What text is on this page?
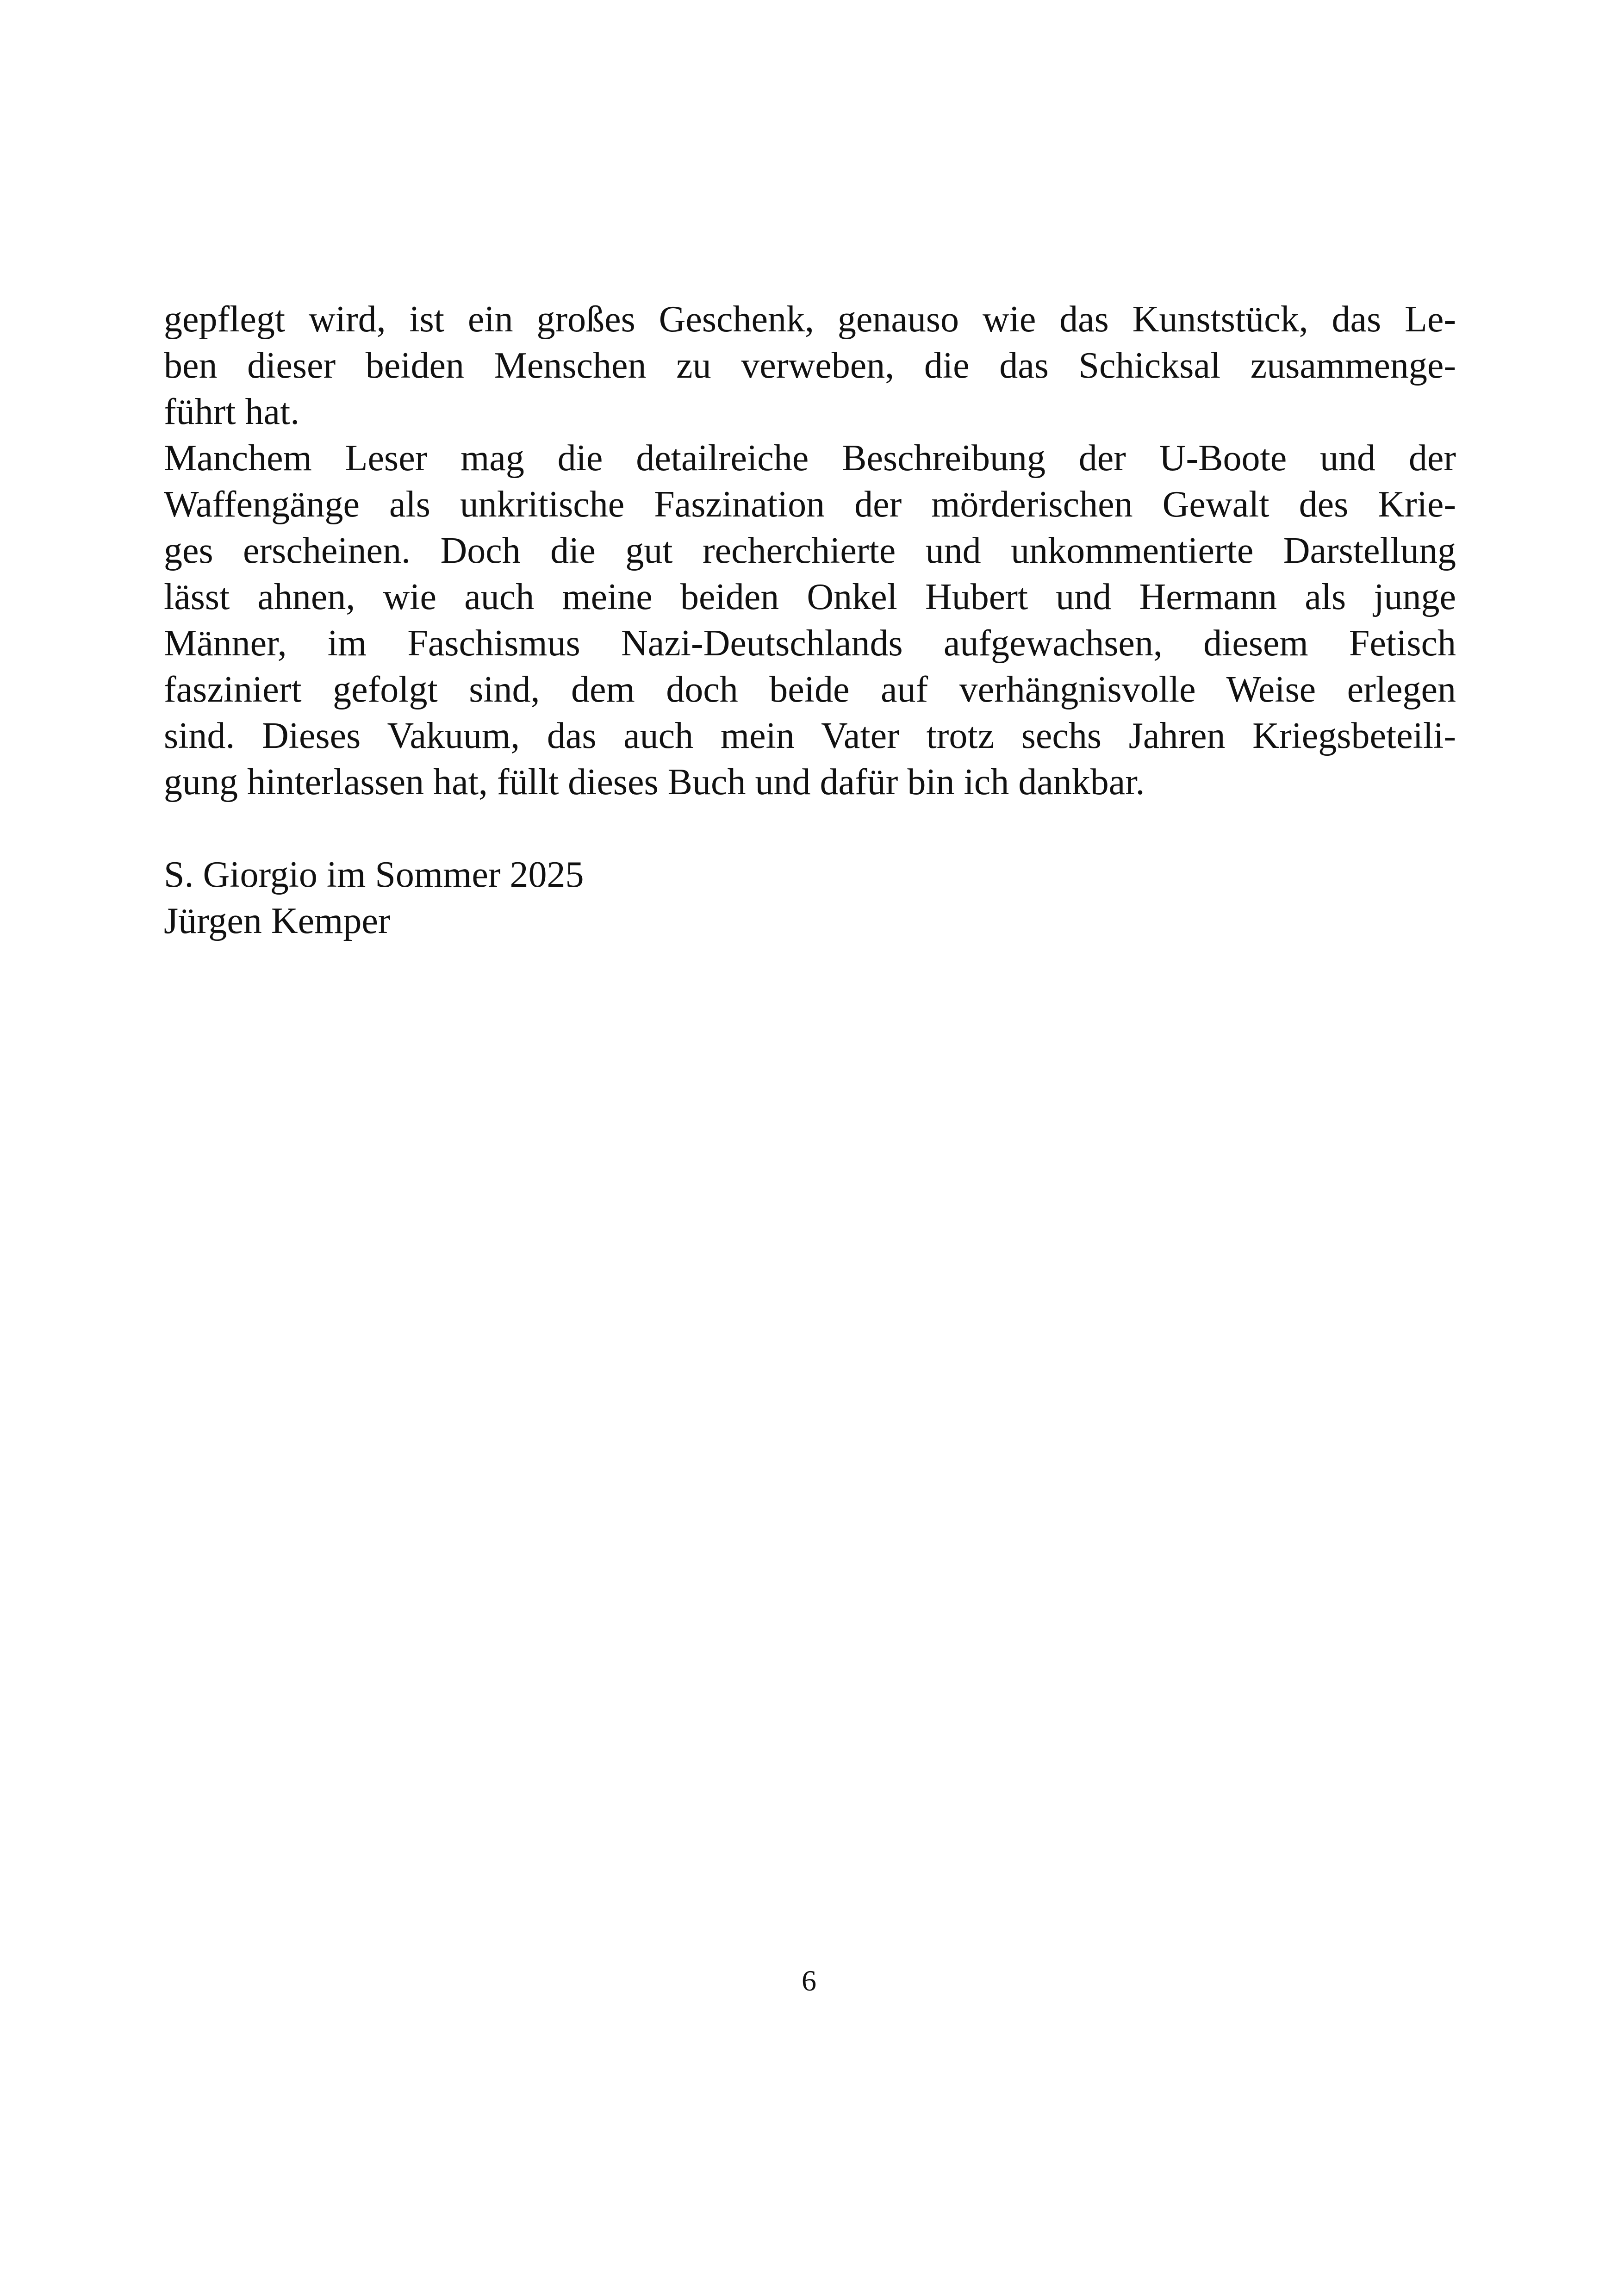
gepflegt wird, ist ein großes Geschenk, genauso wie das Kunststück, das Le-
ben dieser beiden Menschen zu verweben, die das Schicksal zusammenge-
führt hat.
Manchem Leser mag die detailreiche Beschreibung der U-Boote und der
Waffengänge als unkritische Faszination der mörderischen Gewalt des Krie-
ges erscheinen. Doch die gut recherchierte und unkommentierte Darstellung
lässt ahnen, wie auch meine beiden Onkel Hubert und Hermann als junge
Männer, im Faschismus Nazi-Deutschlands aufgewachsen, diesem Fetisch
fasziniert gefolgt sind, dem doch beide auf verhängnisvolle Weise erlegen
sind. Dieses Vakuum, das auch mein Vater trotz sechs Jahren Kriegsbeteili-
gung hinterlassen hat, füllt dieses Buch und dafür bin ich dankbar.
S. Giorgio im Sommer 2025
Jürgen Kemper
6
